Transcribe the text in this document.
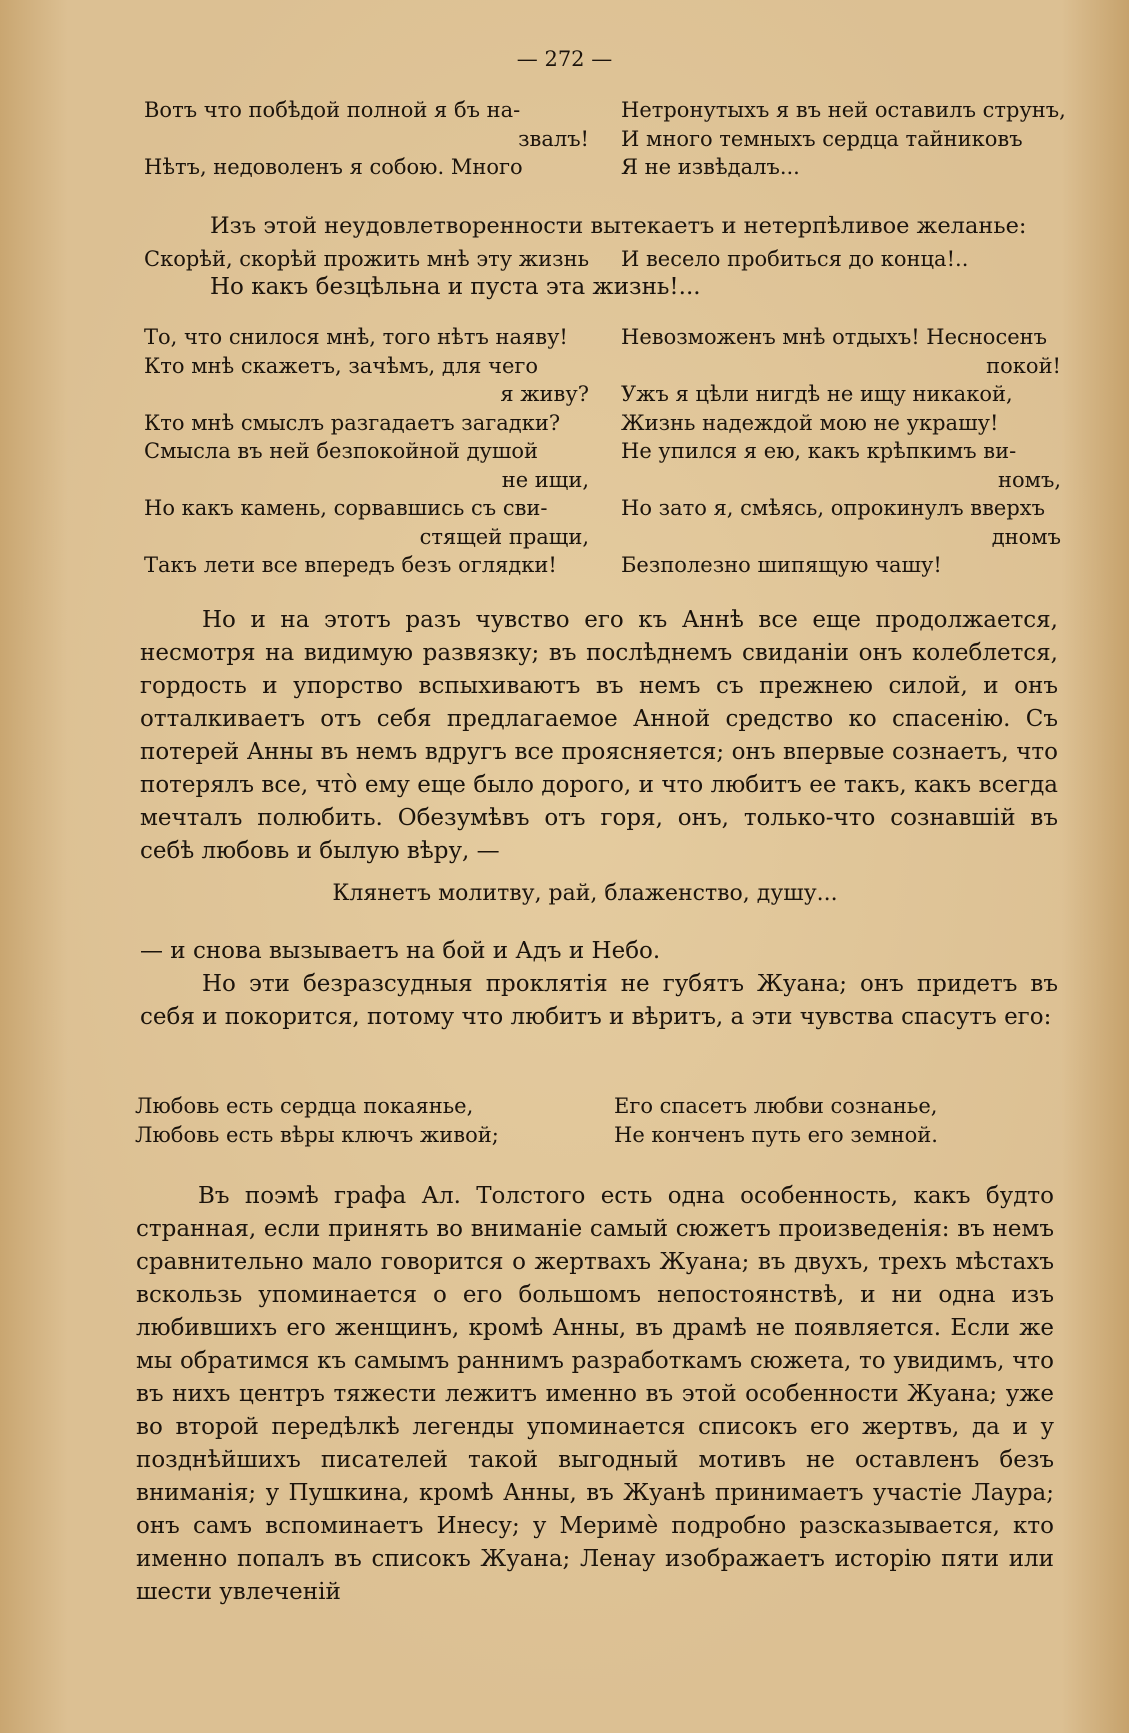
— 272 —
Вотъ что побѣдой полной я бъ на-
звалъ!
Нѣтъ, недоволенъ я собою. Много
Нетронутыхъ я въ ней оставилъ струнъ,
И много темныхъ сердца тайниковъ
Я не извѣдалъ...
Изъ этой неудовлетворенности вытекаетъ и нетерпѣливое желанье:
Скорѣй, скорѣй прожить мнѣ эту жизнь И весело пробиться до конца!..
Но какъ безцѣльна и пуста эта жизнь!...
То, что снилося мнѣ, того нѣтъ наяву!
Кто мнѣ скажетъ, зачѣмъ, для чего
я живу?
Кто мнѣ смыслъ разгадаетъ загадки?
Смысла въ ней безпокойной душой
не ищи,
Но какъ камень, сорвавшись съ сви-
стящей пращи,
Такъ лети все впередъ безъ оглядки!
Невозможенъ мнѣ отдыхъ! Несносенъ
покой!
Ужъ я цѣли нигдѣ не ищу никакой,
Жизнь надеждой мою не украшу!
Не упился я ею, какъ крѣпкимъ ви-
номъ,
Но зато я, смѣясь, опрокинулъ вверхъ
дномъ
Безполезно шипящую чашу!

Но и на этотъ разъ чувство его къ Аннѣ все еще продолжается, несмотря на видимую развязку; въ послѣднемъ свиданіи онъ колеблется, гордость и упорство вспыхиваютъ въ немъ съ прежнею силой, и онъ отталкиваетъ отъ себя предлагаемое Анной средство ко спасенію. Съ потерей Анны въ немъ вдругъ все проясняется; онъ впервые сознаетъ, что потерялъ все, чтò ему еще было дорого, и что любитъ ее такъ, какъ всегда мечталъ полюбить. Обезумѣвъ отъ горя, онъ, только-что сознавшій въ себѣ любовь и былую вѣру, —

Клянетъ молитву, рай, блаженство, душу...

— и снова вызываетъ на бой и Адъ и Небо.

Но эти безразсудныя проклятія не губятъ Жуана; онъ придетъ въ себя и покорится, потому что любитъ и вѣритъ, а эти чувства спасутъ его:

Любовь есть сердца покаянье,
Любовь есть вѣры ключъ живой;
Его спасетъ любви сознанье,
Не конченъ путь его земной.

Въ поэмѣ графа Ал. Толстого есть одна особенность, какъ будто странная, если принять во вниманіе самый сюжетъ произведенія: въ немъ сравнительно мало говорится о жертвахъ Жуана; въ двухъ, трехъ мѣстахъ вскользь упоминается о его большомъ непостоянствѣ, и ни одна изъ любившихъ его женщинъ, кромѣ Анны, въ драмѣ не появляется. Если же мы обратимся къ самымъ раннимъ разработкамъ сюжета, то увидимъ, что въ нихъ центръ тяжести лежитъ именно въ этой особенности Жуана; уже во второй передѣлкѣ легенды упоминается списокъ его жертвъ, да и у позднѣйшихъ писателей такой выгодный мотивъ не оставленъ безъ вниманія; у Пушкина, кромѣ Анны, въ Жуанѣ принимаетъ участіе Лаура; онъ самъ вспоминаетъ Инесу; у Меримè подробно разсказывается, кто именно попалъ въ списокъ Жуана; Ленау изображаетъ исторію пяти или шести увлеченій
